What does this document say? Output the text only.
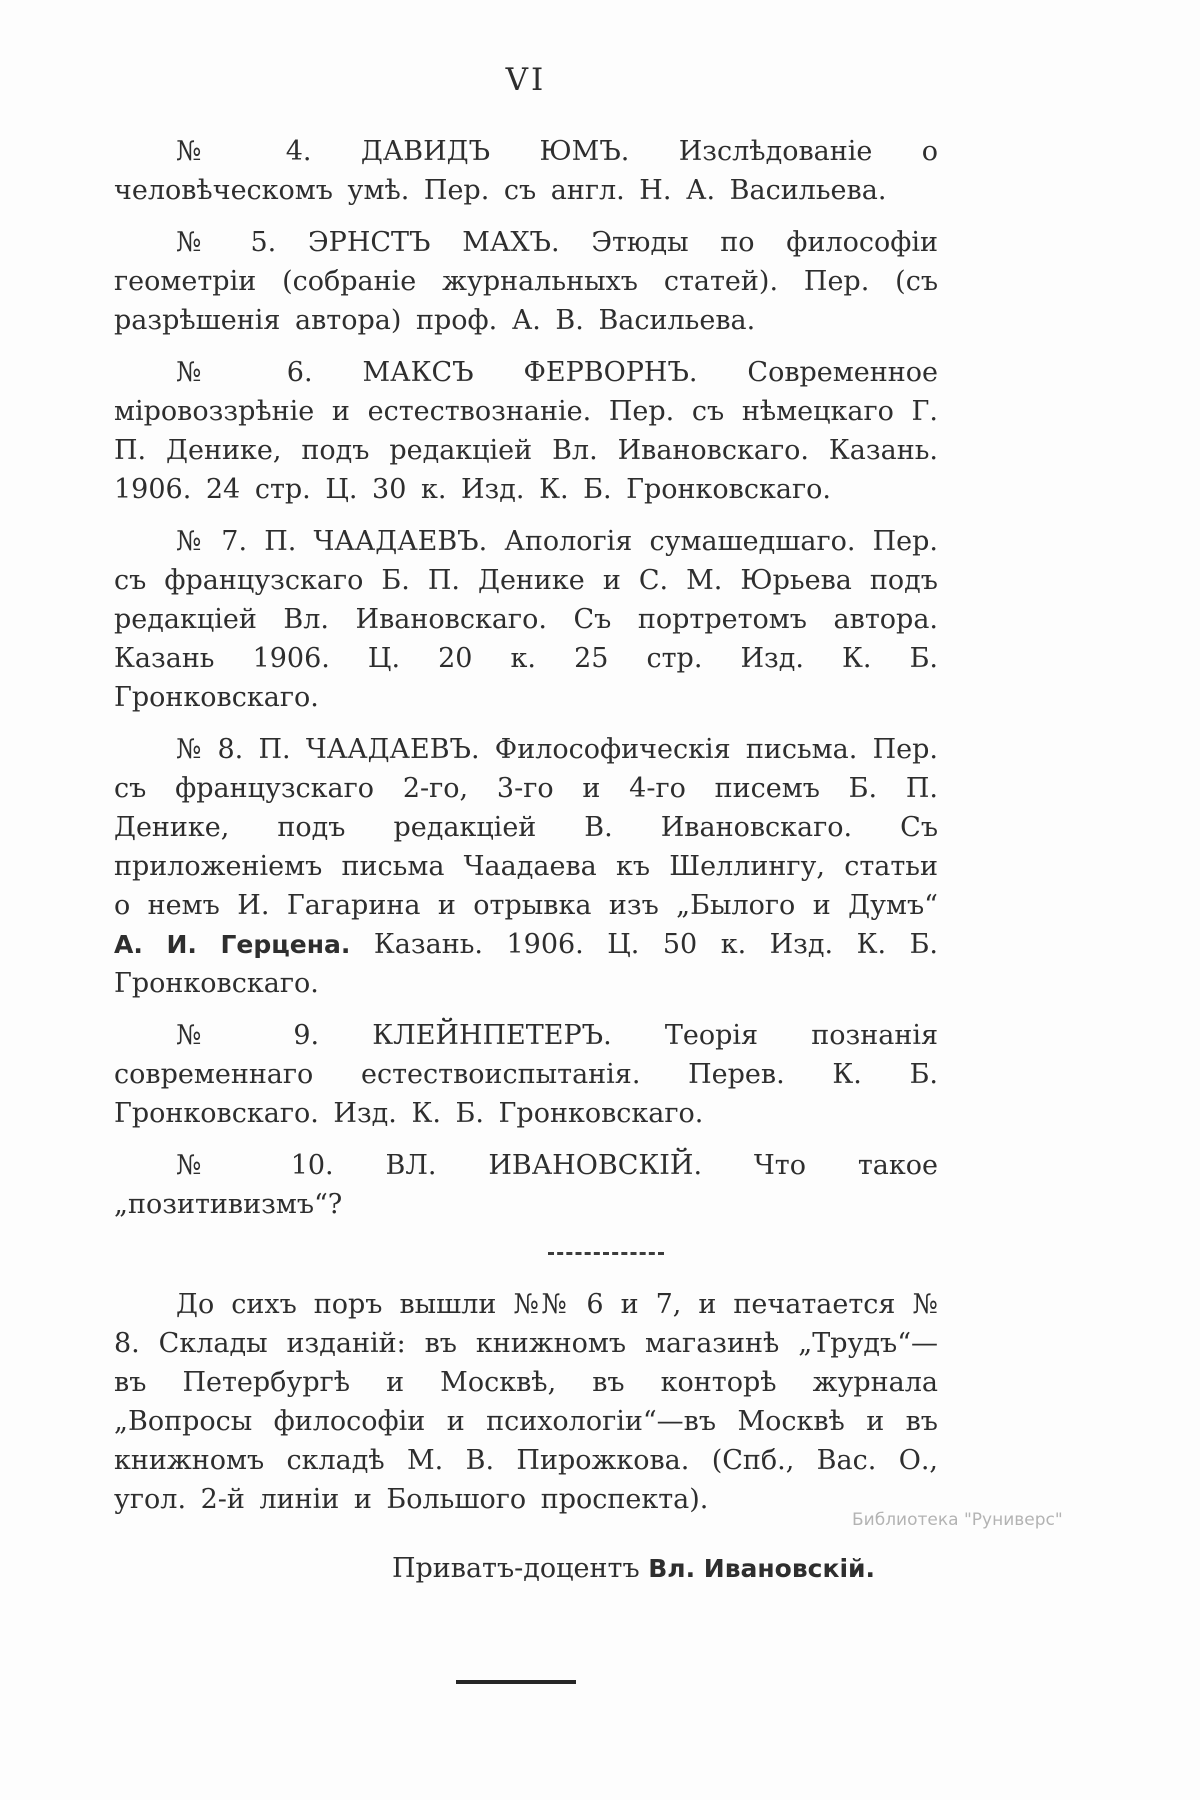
VI

№ 4. ДАВИДЪ ЮМЪ. Изслѣдованіе о человѣческомъ умѣ. Пер. съ англ. Н. А. Васильева.

№ 5. ЭРНСТЪ МАХЪ. Этюды по философіи геометріи (собраніе журнальныхъ статей). Пер. (съ разрѣшенія автора) проф. А. В. Васильева.

№ 6. МАКСЪ ФЕРВОРНЪ. Современное міровоззрѣніе и естествознаніе. Пер. съ нѣмецкаго Г. П. Денике, подъ редакціей Вл. Ивановскаго. Казань. 1906. 24 стр. Ц. 30 к. Изд. К. Б. Гронковскаго.

№ 7. П. ЧААДАЕВЪ. Апологія сумашедшаго. Пер. съ французскаго Б. П. Денике и С. М. Юрьева подъ редакціей Вл. Ивановскаго. Съ портретомъ автора. Казань 1906. Ц. 20 к. 25 стр. Изд. К. Б. Гронковскаго.

№ 8. П. ЧААДАЕВЪ. Философическія письма. Пер. съ французскаго 2-го, 3-го и 4-го писемъ Б. П. Денике, подъ редакціей В. Ивановскаго. Съ приложеніемъ письма Чаадаева къ Шеллингу, статьи о немъ И. Гагарина и отрывка изъ „Былого и Думъ“ А. И. Герцена. Казань. 1906. Ц. 50 к. Изд. К. Б. Гронковскаго.

№ 9. КЛЕЙНПЕТЕРЪ. Теорія познанія современнаго естествоиспытанія. Перев. К. Б. Гронковскаго. Изд. К. Б. Гронковскаго.

№ 10. ВЛ. ИВАНОВСКІЙ. Что такое „позитивизмъ“?

До сихъ поръ вышли №№ 6 и 7, и печатается № 8. Склады изданій: въ книжномъ магазинѣ „Трудъ“—въ Петербургѣ и Москвѣ, въ конторѣ журнала „Вопросы философіи и психологіи“—въ Москвѣ и въ книжномъ складѣ М. В. Пирожкова. (Спб., Вас. О., угол. 2-й линіи и Большого проспекта).

Приватъ-доцентъ Вл. Ивановскій.

Библиотека "Руниверс"
